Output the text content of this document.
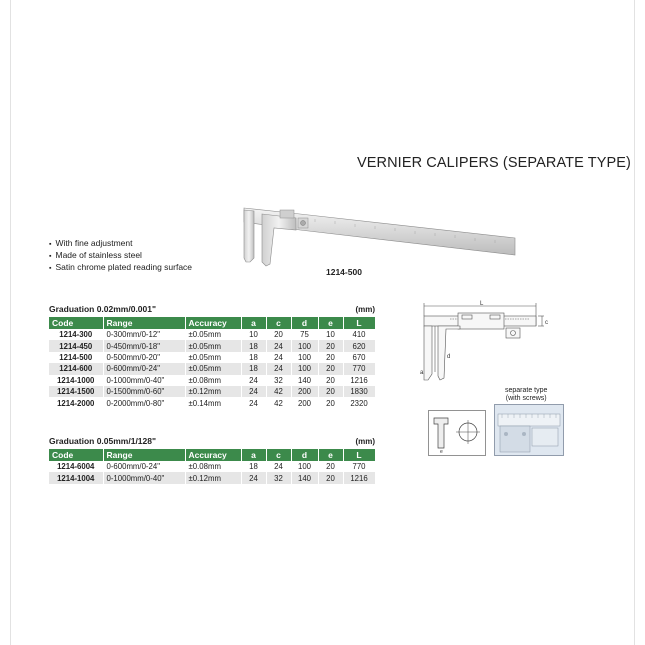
VERNIER CALIPERS (SEPARATE TYPE)
▪ With fine adjustment
▪ Made of stainless steel
▪ Satin chrome plated reading surface	1214-500
Graduation 0.02mm/0.001"	(mm)
Code	Range	Accuracy	a	c	d	e	L
1214-300	0-300mm/0-12"	±0.05mm	10	20	75	10	410
1214-450	0-450mm/0-18"	±0.05mm	18	24	100	20	620
1214-500	0-500mm/0-20"	±0.05mm	18	24	100	20	670
1214-600	0-600mm/0-24"	±0.05mm	18	24	100	20	770
1214-1000	0-1000mm/0-40"	±0.08mm	24	32	140	20	1216
1214-1500	0-1500mm/0-60"	±0.12mm	24	42	200	20	1830
1214-2000	0-2000mm/0-80"	±0.14mm	24	42	200	20	2320
Graduation 0.05mm/1/128"	(mm)
Code	Range	Accuracy	a	c	d	e	L
1214-6004	0-600mm/0-24"	±0.08mm	18	24	100	20	770
1214-1004	0-1000mm/0-40"	±0.12mm	24	32	140	20	1216
L
c
d
a
separate type
(with screws)
e
